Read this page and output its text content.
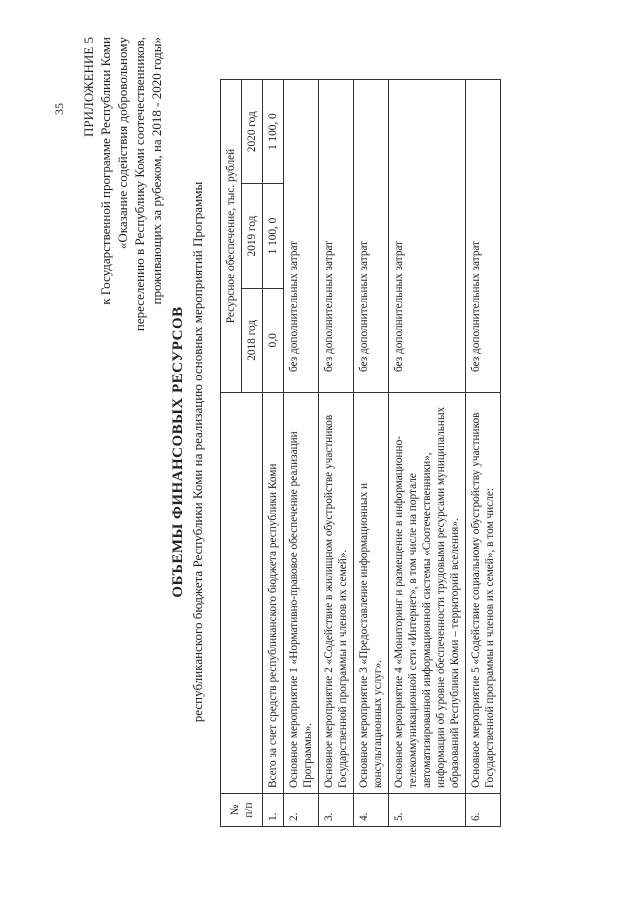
35 ПРИЛОЖЕНИЕ 5 к Государственной программе Республики Коми «Оказание содействия добровольному переселению в Республику Коми соотечественников, проживающих за рубежом, на 2018 - 2020 годы»
ОБЪЕМЫ ФИНАНСОВЫХ РЕСУРСОВ республиканского бюджета Республики Коми на реализацию основных мероприятий Программы
№ п/п		Ресурсное обеспечение, тыс. рублей		
		2018 год	2019 год	2020 год
1.	Всего за счет средств республиканского бюджета республики Коми	0,0	1 100, 0	1 100, 0
2.	Основное мероприятие 1 «Нормативно-правовое обеспечение реализации Программы».	без дополнительных затрат		
3.	Основное мероприятие 2 «Содействие в жилищном обустройстве участников Государственной программы и членов их семей».	без дополнительных затрат		
4.	Основное мероприятие 3 «Предоставление информационных и консультационных услуг».	без дополнительных затрат		
5.	Основное мероприятие 4 «Мониторинг и размещение в информационно-телекоммуникационной сети «Интернет», в том числе на портале автоматизированной информационной системы «Соотечественники», информации об уровне обеспеченности трудовыми ресурсами муниципальных образований Республики Коми – территорий вселения».	без дополнительных затрат		
6.	Основное мероприятие 5 «Содействие социальному обустройству участников Государственной программы и членов их семей», в том числе:	без дополнительных затрат		
